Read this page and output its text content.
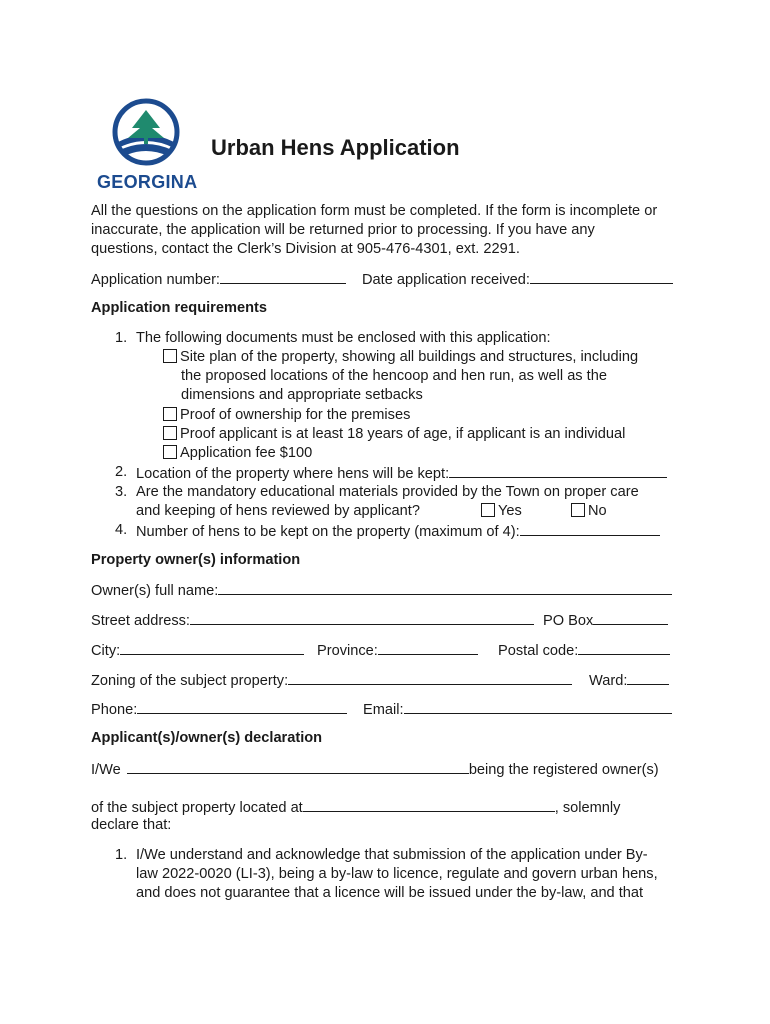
GEORGINA
Urban Hens Application
All the questions on the application form must be completed. If the form is incomplete or
inaccurate, the application will be returned prior to processing. If you have any
questions, contact the Clerk’s Division at 905-476-4301, ext. 2291.
Application number:	Date application received:
Application requirements
1. The following documents must be enclosed with this application:
Site plan of the property, showing all buildings and structures, including
the proposed locations of the hencoop and hen run, as well as the
dimensions and appropriate setbacks
Proof of ownership for the premises
Proof applicant is at least 18 years of age, if applicant is an individual
Application fee $100
2. Location of the property where hens will be kept:
3. Are the mandatory educational materials provided by the Town on proper care
and keeping of hens reviewed by applicant?	Yes	No
4. Number of hens to be kept on the property (maximum of 4):
Property owner(s) information
Owner(s) full name:
Street address:	PO Box
City:	Province:	Postal code:
Zoning of the subject property:	Ward:
Phone:	Email:
Applicant(s)/owner(s) declaration
I/We	being the registered owner(s)
of the subject property located at	, solemnly
declare that:
1. I/We understand and acknowledge that submission of the application under By-
law 2022-0020 (LI-3), being a by-law to licence, regulate and govern urban hens,
and does not guarantee that a licence will be issued under the by-law, and that
